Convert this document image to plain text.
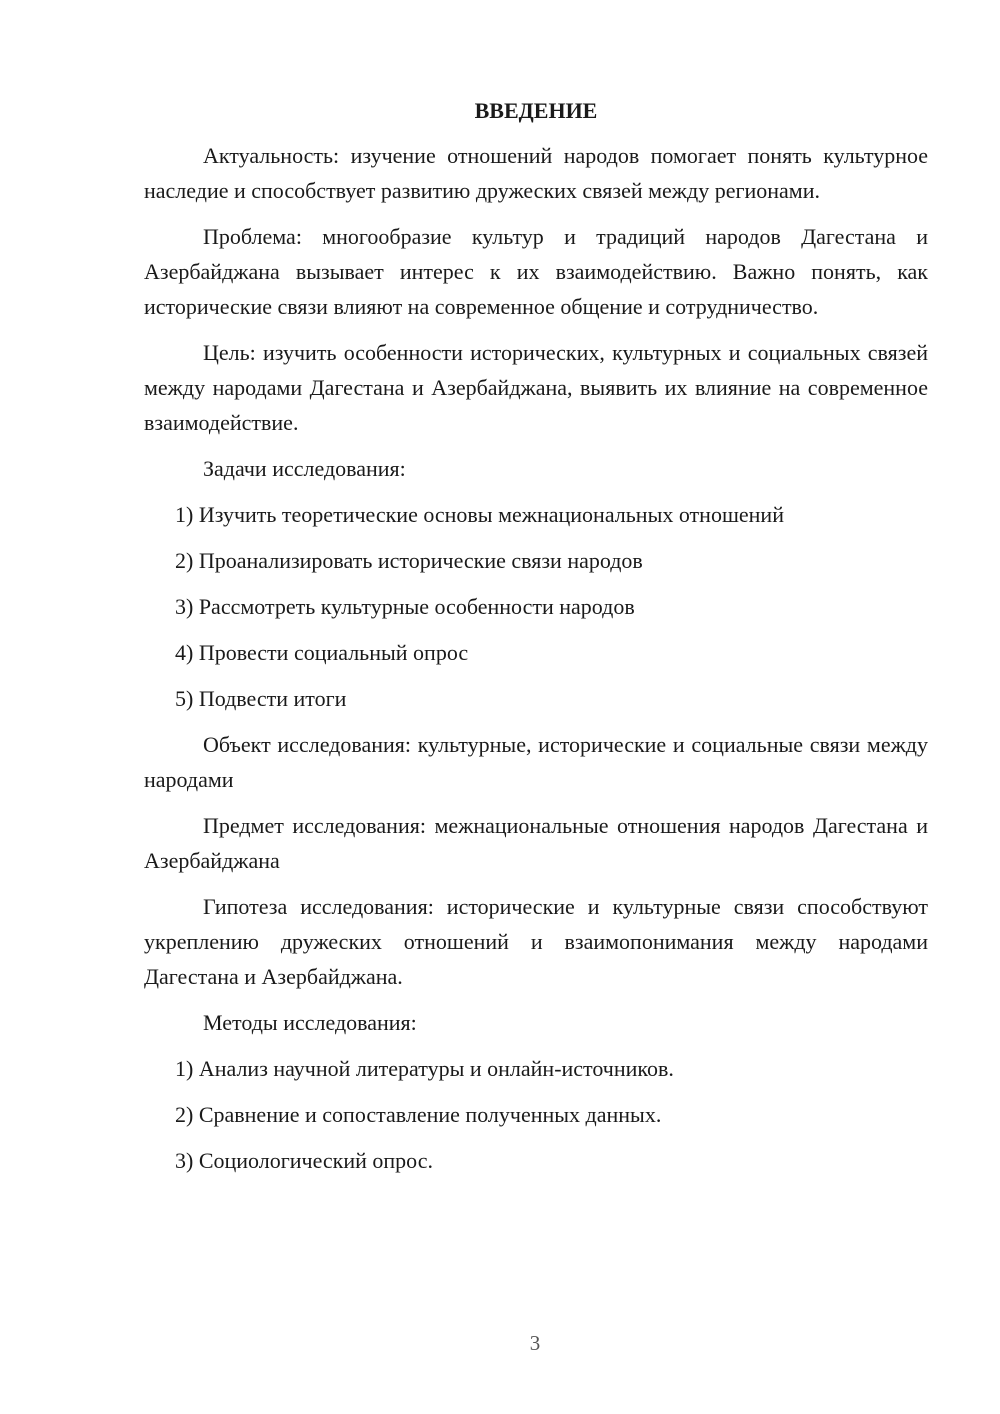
ВВЕДЕНИЕ

Актуальность: изучение отношений народов помогает понять культурное наследие и способствует развитию дружеских связей между регионами.

Проблема: многообразие культур и традиций народов Дагестана и Азербайджана вызывает интерес к их взаимодействию. Важно понять, как исторические связи влияют на современное общение и сотрудничество.

Цель: изучить особенности исторических, культурных и социальных связей между народами Дагестана и Азербайджана, выявить их влияние на современное взаимодействие.

Задачи исследования:

1) Изучить теоретические основы межнациональных отношений
2) Проанализировать исторические связи народов
3) Рассмотреть культурные особенности народов
4) Провести социальный опрос
5) Подвести итоги

Объект исследования: культурные, исторические и социальные связи между народами

Предмет исследования: межнациональные отношения народов Дагестана и Азербайджана

Гипотеза исследования: исторические и культурные связи способствуют укреплению дружеских отношений и взаимопонимания между народами Дагестана и Азербайджана.

Методы исследования:

1) Анализ научной литературы и онлайн-источников.
2) Сравнение и сопоставление полученных данных.
3) Социологический опрос.
3
